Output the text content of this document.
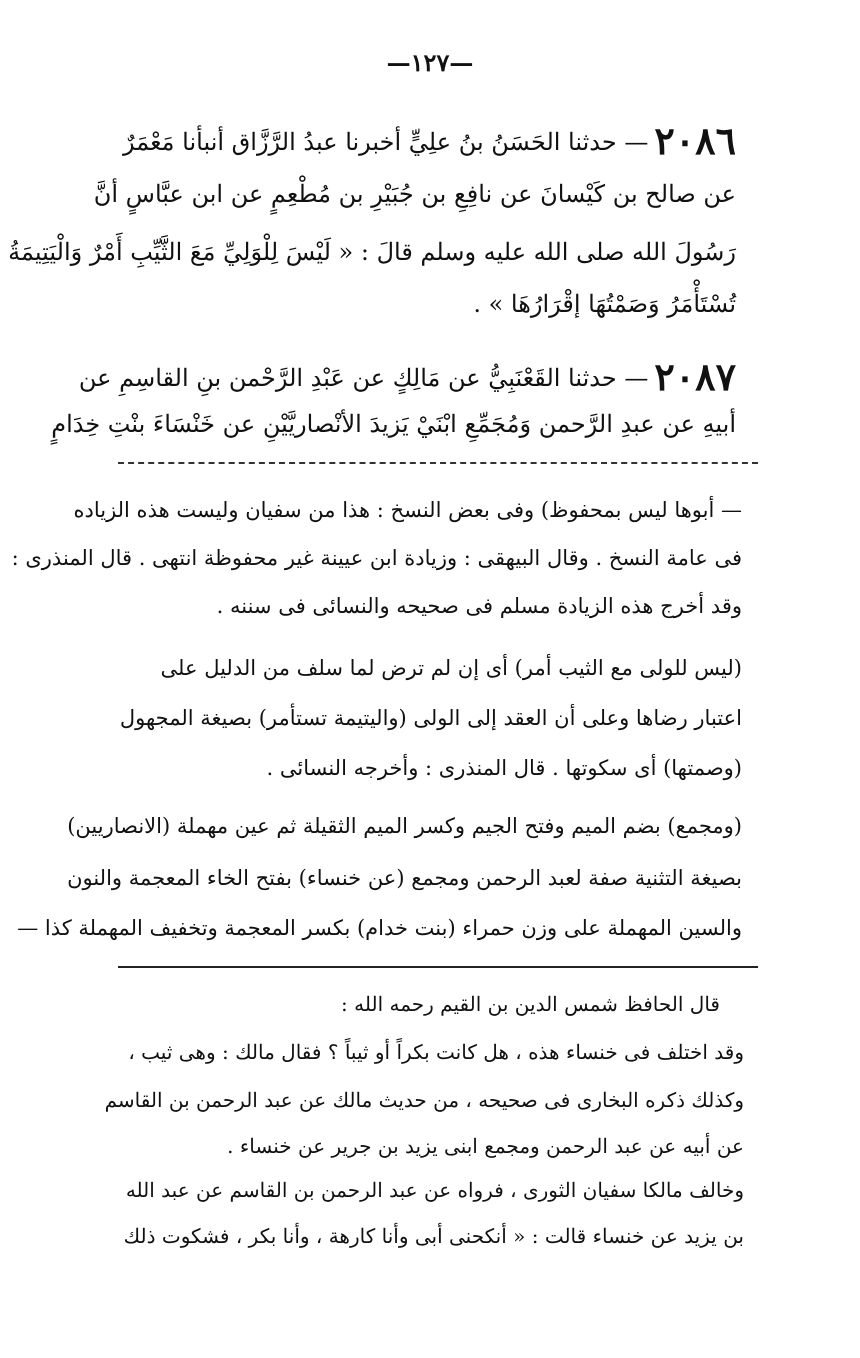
—١٢٧—
٢٠٨٦— حدثنا الحَسَنُ بنُ علِيٍّ أخبرنا عبدُ الرَّزَّاق أنبأنا مَعْمَرٌ
عن صالح بن كَيْسانَ عن نافِعِ بن جُبَيْرِ بن مُطْعِمٍ عن ابن عبَّاسٍ أنَّ
رَسُولَ الله صلى الله عليه وسلم قالَ : « لَيْسَ لِلْوَلِيِّ مَعَ الثَّيِّبِ أَمْرٌ وَالْيَتِيمَةُ
تُسْتَأْمَرُ وَصَمْتُهَا إقْرَارُهَا » .
٢٠٨٧— حدثنا القَعْنَبِيُّ عن مَالِكٍ عن عَبْدِ الرَّحْمن بنِ القاسِمِ عن
أبيهِ عن عبدِ الرَّحمن وَمُجَمِّعِ ابْنَيْ يَزيدَ الأنْصاريَّيْنِ عن خَنْسَاءَ بنْتِ خِدَامٍ
— أبوها ليس بمحفوظ) وفى بعض النسخ : هذا من سفيان وليست هذه الزياده
فى عامة النسخ . وقال البيهقى : وزيادة ابن عيينة غير محفوظة انتهى . قال المنذرى :
وقد أخرج هذه الزيادة مسلم فى صحيحه والنسائى فى سننه .
(ليس للولى مع الثيب أمر) أى إن لم ترض لما سلف من الدليل على
اعتبار رضاها وعلى أن العقد إلى الولى (واليتيمة تستأمر) بصيغة المجهول
(وصمتها) أى سكوتها . قال المنذرى : وأخرجه النسائى .
(ومجمع) بضم الميم وفتح الجيم وكسر الميم الثقيلة ثم عين مهملة (الانصاريين)
بصيغة التثنية صفة لعبد الرحمن ومجمع (عن خنساء) بفتح الخاء المعجمة والنون
والسين المهملة على وزن حمراء (بنت خدام) بكسر المعجمة وتخفيف المهملة كذا —
قال الحافظ شمس الدين بن القيم رحمه الله :
وقد اختلف فى خنساء هذه ، هل كانت بكراً أو ثيباً ؟ فقال مالك : وهى ثيب ،
وكذلك ذكره البخارى فى صحيحه ، من حديث مالك عن عبد الرحمن بن القاسم
عن أبيه عن عبد الرحمن ومجمع ابنى يزيد بن جرير عن خنساء .
وخالف مالكا سفيان الثورى ، فرواه عن عبد الرحمن بن القاسم عن عبد الله
بن يزيد عن خنساء قالت : « أنكحنى أبى وأنا كارهة ، وأنا بكر ، فشكوت ذلك
